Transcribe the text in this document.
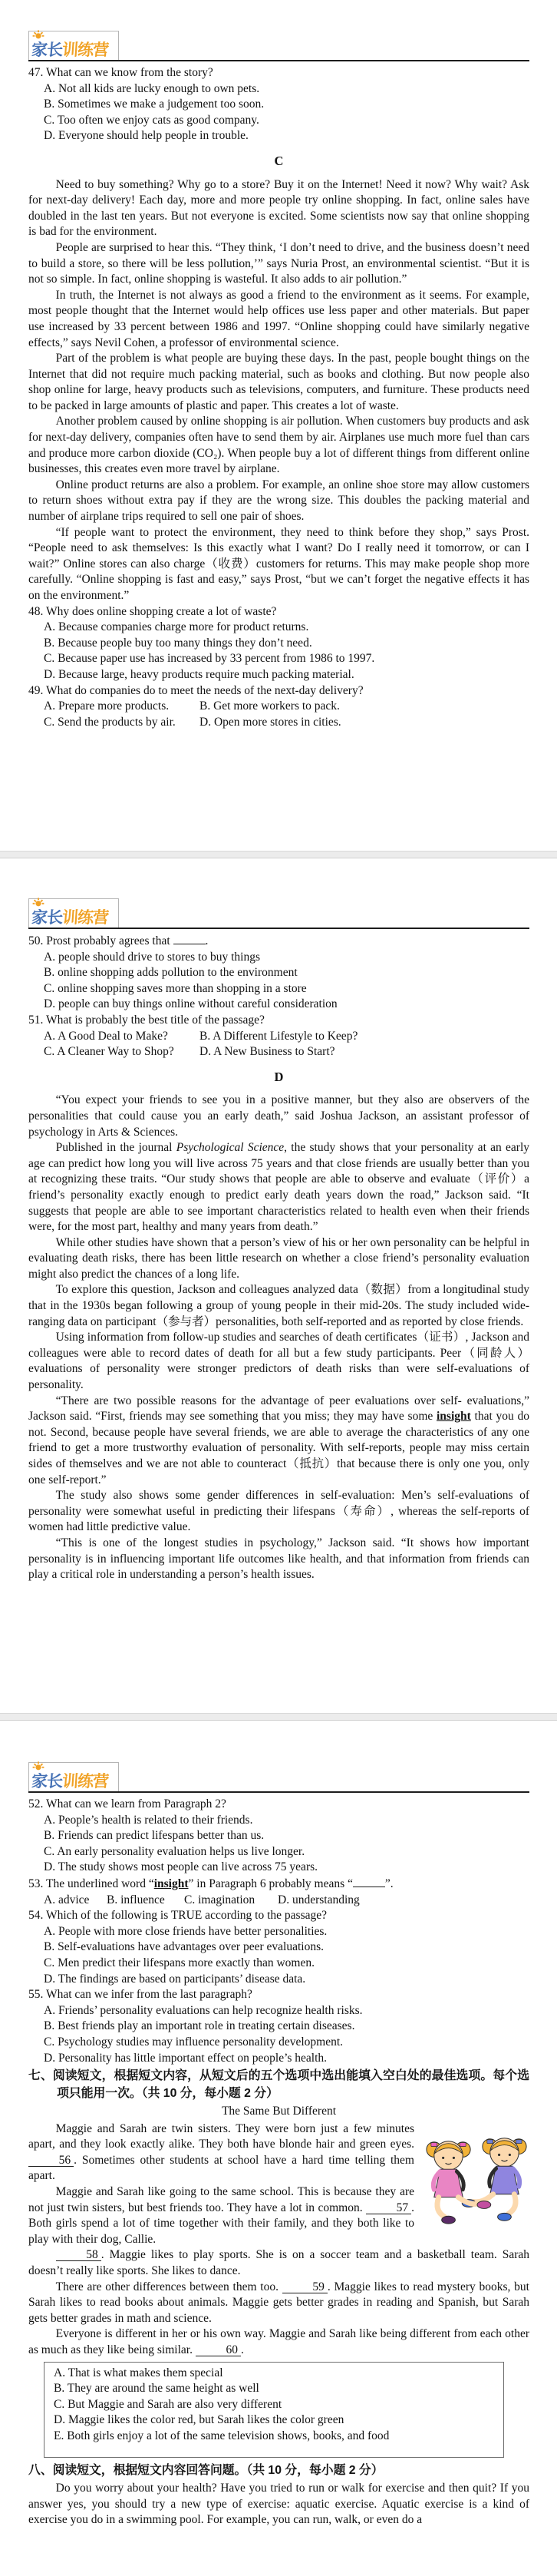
家长训练营
47. What can we know from the story?
A. Not all kids are lucky enough to own pets.
B. Sometimes we make a judgement too soon.
C. Too often we enjoy cats as good company.
D. Everyone should help people in trouble.
C

Need to buy something? Why go to a store? Buy it on the Internet! Need it now? Why wait? Ask for next-day delivery! Each day, more and more people try online shopping. In fact, online sales have doubled in the last ten years. But not everyone is excited. Some scientists now say that online shopping is bad for the environment.

People are surprised to hear this. “They think, ‘I don’t need to drive, and the business doesn’t need to build a store, so there will be less pollution,’” says Nuria Prost, an environmental scientist. “But it is not so simple. In fact, online shopping is wasteful. It also adds to air pollution.”

In truth, the Internet is not always as good a friend to the environment as it seems. For example, most people thought that the Internet would help offices use less paper and other materials. But paper use increased by 33 percent between 1986 and 1997. “Online shopping could have similarly negative effects,” says Nevil Cohen, a professor of environmental science.

Part of the problem is what people are buying these days. In the past, people bought things on the Internet that did not require much packing material, such as books and clothing. But now people also shop online for large, heavy products such as televisions, computers, and furniture. These products need to be packed in large amounts of plastic and paper. This creates a lot of waste.

Another problem caused by online shopping is air pollution. When customers buy products and ask for next-day delivery, companies often have to send them by air. Airplanes use much more fuel than cars and produce more carbon dioxide (CO₂). When people buy a lot of different things from different online businesses, this creates even more travel by airplane.

Online product returns are also a problem. For example, an online shoe store may allow customers to return shoes without extra pay if they are the wrong size. This doubles the packing material and number of airplane trips required to sell one pair of shoes.

“If people want to protect the environment, they need to think before they shop,” says Prost. “People need to ask themselves: Is this exactly what I want? Do I really need it tomorrow, or can I wait?” Online stores can also charge（收费）customers for returns. This may make people shop more carefully. “Online shopping is fast and easy,” says Prost, “but we can’t forget the negative effects it has on the environment.”

48. Why does online shopping create a lot of waste?
A. Because companies charge more for product returns.
B. Because people buy too many things they don’t need.
C. Because paper use has increased by 33 percent from 1986 to 1997.
D. Because large, heavy products require much packing material.
49. What do companies do to meet the needs of the next-day delivery?
A. Prepare more products.	B. Get more workers to pack.
C. Send the products by air.	D. Open more stores in cities.
家长训练营
50. Prost probably agrees that	.
A. people should drive to stores to buy things
B. online shopping adds pollution to the environment
C. online shopping saves more than shopping in a store
D. people can buy things online without careful consideration
51. What is probably the best title of the passage?
A. A Good Deal to Make?	B. A Different Lifestyle to Keep?
C. A Cleaner Way to Shop?	D. A New Business to Start?
D

“You expect your friends to see you in a positive manner, but they also are observers of the personalities that could cause you an early death,” said Joshua Jackson, an assistant professor of psychology in Arts & Sciences.

Published in the journal Psychological Science, the study shows that your personality at an early age can predict how long you will live across 75 years and that close friends are usually better than you at recognizing these traits. “Our study shows that people are able to observe and evaluate（评价）a friend’s personality exactly enough to predict early death years down the road,” Jackson said. “It suggests that people are able to see important characteristics related to health even when their friends were, for the most part, healthy and many years from death.”

While other studies have shown that a person’s view of his or her own personality can be helpful in evaluating death risks, there has been little research on whether a close friend’s personality evaluation might also predict the chances of a long life.

To explore this question, Jackson and colleagues analyzed data（数据）from a longitudinal study that in the 1930s began following a group of young people in their mid-20s. The study included wide-ranging data on participant（参与者）personalities, both self-reported and as reported by close friends.

Using information from follow-up studies and searches of death certificates（证书）, Jackson and colleagues were able to record dates of death for all but a few study participants. Peer（同龄人）evaluations of personality were stronger predictors of death risks than were self-evaluations of personality.

“There are two possible reasons for the advantage of peer evaluations over self- evaluations,” Jackson said. “First, friends may see something that you miss; they may have some insight that you do not. Second, because people have several friends, we are able to average the characteristics of any one friend to get a more trustworthy evaluation of personality. With self-reports, people may miss certain sides of themselves and we are not able to counteract（抵抗）that because there is only one you, only one self-report.”

The study also shows some gender differences in self-evaluation: Men’s self-evaluations of personality were somewhat useful in predicting their lifespans（寿命）, whereas the self-reports of women had little predictive value.

“This is one of the longest studies in psychology,” Jackson said. “It shows how important personality is in influencing important life outcomes like health, and that information from friends can play a critical role in understanding a person’s health issues.

家长训练营
52. What can we learn from Paragraph 2?
A. People’s health is related to their friends.
B. Friends can predict lifespans better than us.
C. An early personality evaluation helps us live longer.
D. The study shows most people can live across 75 years.
53. The underlined word “insight” in Paragraph 6 probably means “	”.
A. advice	B. influence	C. imagination	D. understanding
54. Which of the following is TRUE according to the passage?
A. People with more close friends have better personalities.
B. Self-evaluations have advantages over peer evaluations.
C. Men predict their lifespans more exactly than women.
D. The findings are based on participants’ disease data.
55. What can we infer from the last paragraph?
A. Friends’ personality evaluations can help recognize health risks.
B. Best friends play an important role in treating certain diseases.
C. Psychology studies may influence personality development.
D. Personality has little important effect on people’s health.
七、阅读短文，根据短文内容，从短文后的五个选项中选出能填入空白处的最佳选项。每个选项只能用一次。（共 10 分，每小题 2 分）
The Same But Different

Maggie and Sarah are twin sisters. They were born just a few minutes apart, and they look exactly alike. They both have blonde hair and green eyes. 56 . Sometimes other students at school have a hard time telling them apart.

Maggie and Sarah like going to the same school. This is because they are not just twin sisters, but best friends too. They have a lot in common.	57 . Both girls spend a lot of time together with their family, and they both like to play with their dog, Callie.

58 . Maggie likes to play sports. She is on a soccer team and a basketball team. Sarah doesn’t really like sports. She likes to dance.

There are other differences between them too.	59 . Maggie likes to read mystery books, but Sarah likes to read books about animals. Maggie gets better grades in reading and Spanish, but Sarah gets better grades in math and science.

Everyone is different in her or his own way. Maggie and Sarah like being different from each other as much as they like being similar.	60 .

A. That is what makes them special
B. They are around the same height as well
C. But Maggie and Sarah are also very different
D. Maggie likes the color red, but Sarah likes the color green
E. Both girls enjoy a lot of the same television shows, books, and food
八、阅读短文，根据短文内容回答问题。（共 10 分，每小题 2 分）

Do you worry about your health? Have you tried to run or walk for exercise and then quit? If you answer yes, you should try a new type of exercise: aquatic exercise. Aquatic exercise is a kind of exercise you do in a swimming pool. For example, you can run, walk, or even do a
